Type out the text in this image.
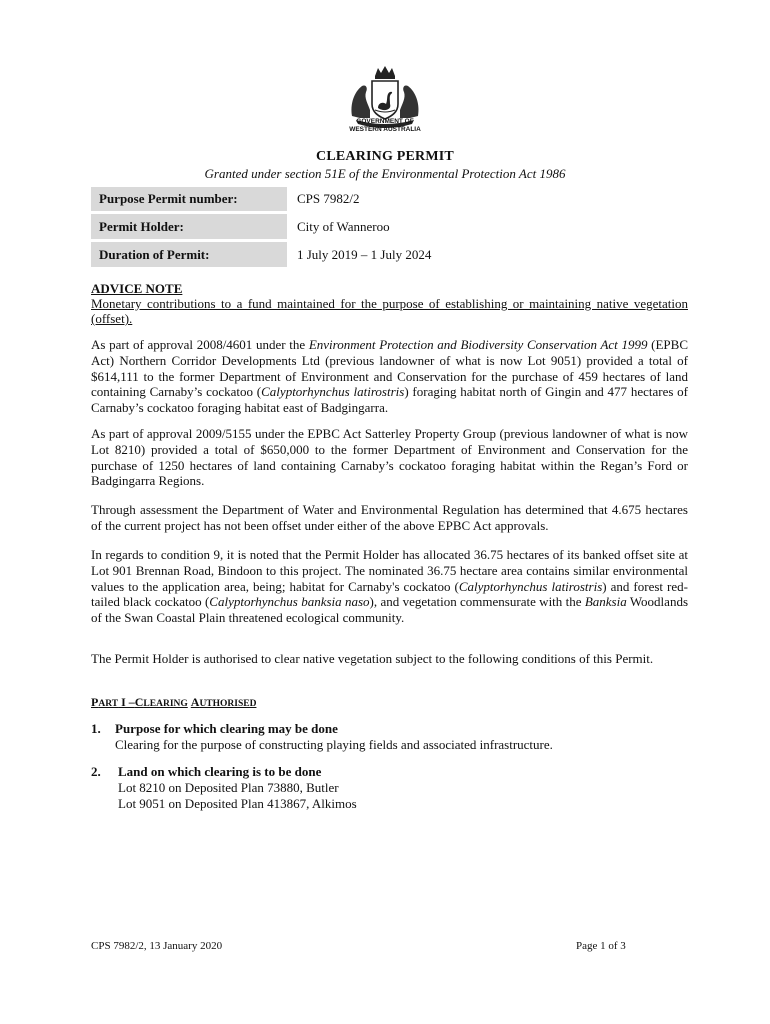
GOVERNMENT OF
WESTERN AUSTRALIA
CLEARING PERMIT
Granted under section 51E of the Environmental Protection Act 1986
Purpose Permit number:	CPS 7982/2
Permit Holder:	City of Wanneroo
Duration of Permit:	1 July 2019 – 1 July 2024
ADVICE NOTE
Monetary contributions to a fund maintained for the purpose of establishing or maintaining native vegetation (offset).

As part of approval 2008/4601 under the Environment Protection and Biodiversity Conservation Act 1999 (EPBC Act) Northern Corridor Developments Ltd (previous landowner of what is now Lot 9051) provided a total of $614,111 to the former Department of Environment and Conservation for the purchase of 459 hectares of land containing Carnaby’s cockatoo (Calyptorhynchus latirostris) foraging habitat north of Gingin and 477 hectares of Carnaby’s cockatoo foraging habitat east of Badgingarra.

As part of approval 2009/5155 under the EPBC Act Satterley Property Group (previous landowner of what is now Lot 8210) provided a total of $650,000 to the former Department of Environment and Conservation for the purchase of 1250 hectares of land containing Carnaby’s cockatoo foraging habitat within the Regan’s Ford or Badgingarra Regions.

Through assessment the Department of Water and Environmental Regulation has determined that 4.675 hectares of the current project has not been offset under either of the above EPBC Act approvals.

In regards to condition 9, it is noted that the Permit Holder has allocated 36.75 hectares of its banked offset site at Lot 901 Brennan Road, Bindoon to this project. The nominated 36.75 hectare area contains similar environmental values to the application area, being; habitat for Carnaby's cockatoo (Calyptorhynchus latirostris) and forest red-tailed black cockatoo (Calyptorhynchus banksia naso), and vegetation commensurate with the Banksia Woodlands of the Swan Coastal Plain threatened ecological community.

The Permit Holder is authorised to clear native vegetation subject to the following conditions of this Permit.

PART I –CLEARING AUTHORISED
1. Purpose for which clearing may be done
Clearing for the purpose of constructing playing fields and associated infrastructure.
2. Land on which clearing is to be done
Lot 8210 on Deposited Plan 73880, Butler
Lot 9051 on Deposited Plan 413867, Alkimos
CPS 7982/2, 13 January 2020	Page 1 of 3
